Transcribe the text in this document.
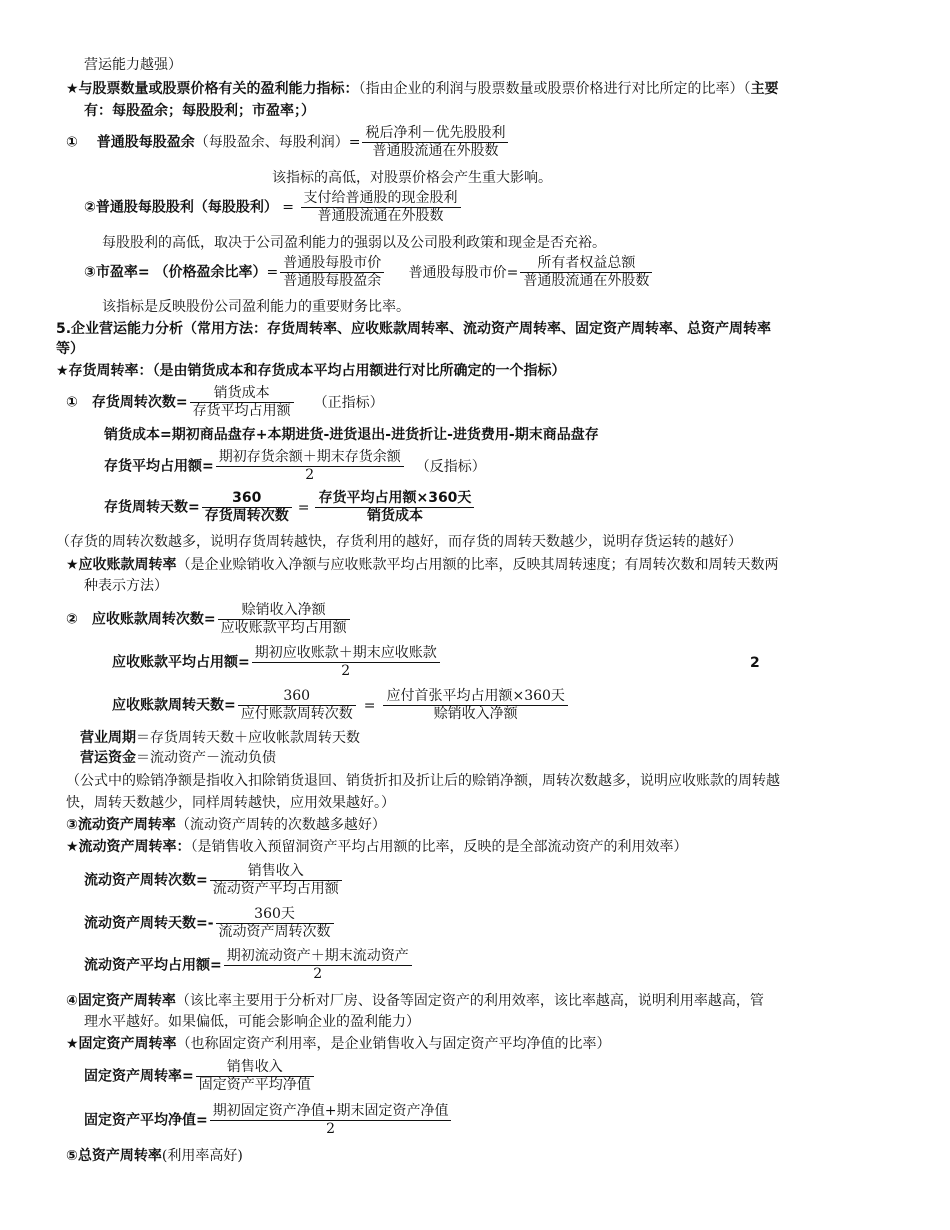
营运能力越强）
★与股票数量或股票价格有关的盈利能力指标：（指由企业的利润与股票数量或股票价格进行对比所定的比率）（主要
有：每股盈余；每股股利；市盈率；）
①　 普通股每股盈余（每股盈余、每股利润）= $\frac{\text{税后净利－优先股股利}}{\text{普通股流通在外股数}}$
该指标的高低，对股票价格会产生重大影响。
②普通股每股股利（每股股利） = $\frac{\text{支付给普通股的现金股利}}{\text{普通股流通在外股数}}$
每股股利的高低，取决于公司盈利能力的强弱以及公司股利政策和现金是否充裕。
③市盈率= （价格盈余比率）= $\frac{\text{普通股每股市价}}{\text{普通股每股盈余}}$ 普通股每股市价= $\frac{\text{所有者权益总额}}{\text{普通股流通在外股数}}$
该指标是反映股份公司盈利能力的重要财务比率。
5.企业营运能力分析（常用方法：存货周转率、应收账款周转率、流动资产周转率、固定资产周转率、总资产周转率
等）
★存货周转率：（是由销货成本和存货成本平均占用额进行对比所确定的一个指标）
①　存货周转次数= $\frac{\text{销货成本}}{\text{存货平均占用额}}$ （正指标）
销货成本=期初商品盘存+本期进货-进货退出-进货折让-进货费用-期末商品盘存
存货平均占用额= $\frac{\text{期初存货余额＋期末存货余额}}{2}$ （反指标）
存货周转天数= $\frac{360}{\text{存货周转次数}} = \frac{\text{存货平均占用额×360天}}{\text{销货成本}}$
（存货的周转次数越多，说明存货周转越快，存货利用的越好，而存货的周转天数越少，说明存货运转的越好）
★应收账款周转率（是企业赊销收入净额与应收账款平均占用额的比率，反映其周转速度；有周转次数和周转天数两
种表示方法）
②　应收账款周转次数= $\frac{\text{赊销收入净额}}{\text{应收账款平均占用额}}$
应收账款平均占用额= $\frac{\text{期初应收账款＋期末应收账款}}{2}$	2
应收账款周转天数= $\frac{360}{\text{应付账款周转次数}} = \frac{\text{应付首张平均占用额×360天}}{\text{赊销收入净额}}$
营业周期＝存货周转天数＋应收帐款周转天数
营运资金＝流动资产－流动负债
（公式中的赊销净额是指收入扣除销货退回、销货折扣及折让后的赊销净额，周转次数越多，说明应收账款的周转越
快，周转天数越少，同样周转越快，应用效果越好。）
③流动资产周转率（流动资产周转的次数越多越好）
★流动资产周转率：（是销售收入预留洞资产平均占用额的比率，反映的是全部流动资产的利用效率）
流动资产周转次数= $\frac{\text{销售收入}}{\text{流动资产平均占用额}}$
流动资产周转天数=- $\frac{\text{360天}}{\text{流动资产周转次数}}$
流动资产平均占用额= $\frac{\text{期初流动资产＋期末流动资产}}{2}$
④固定资产周转率（该比率主要用于分析对厂房、设备等固定资产的利用效率，该比率越高，说明利用率越高，管
理水平越好。如果偏低，可能会影响企业的盈利能力）
★固定资产周转率（也称固定资产利用率，是企业销售收入与固定资产平均净值的比率）
固定资产周转率= $\frac{\text{销售收入}}{\text{固定资产平均净值}}$
固定资产平均净值= $\frac{\text{期初固定资产净值+期末固定资产净值}}{2}$
⑤总资产周转率(利用率高好)
